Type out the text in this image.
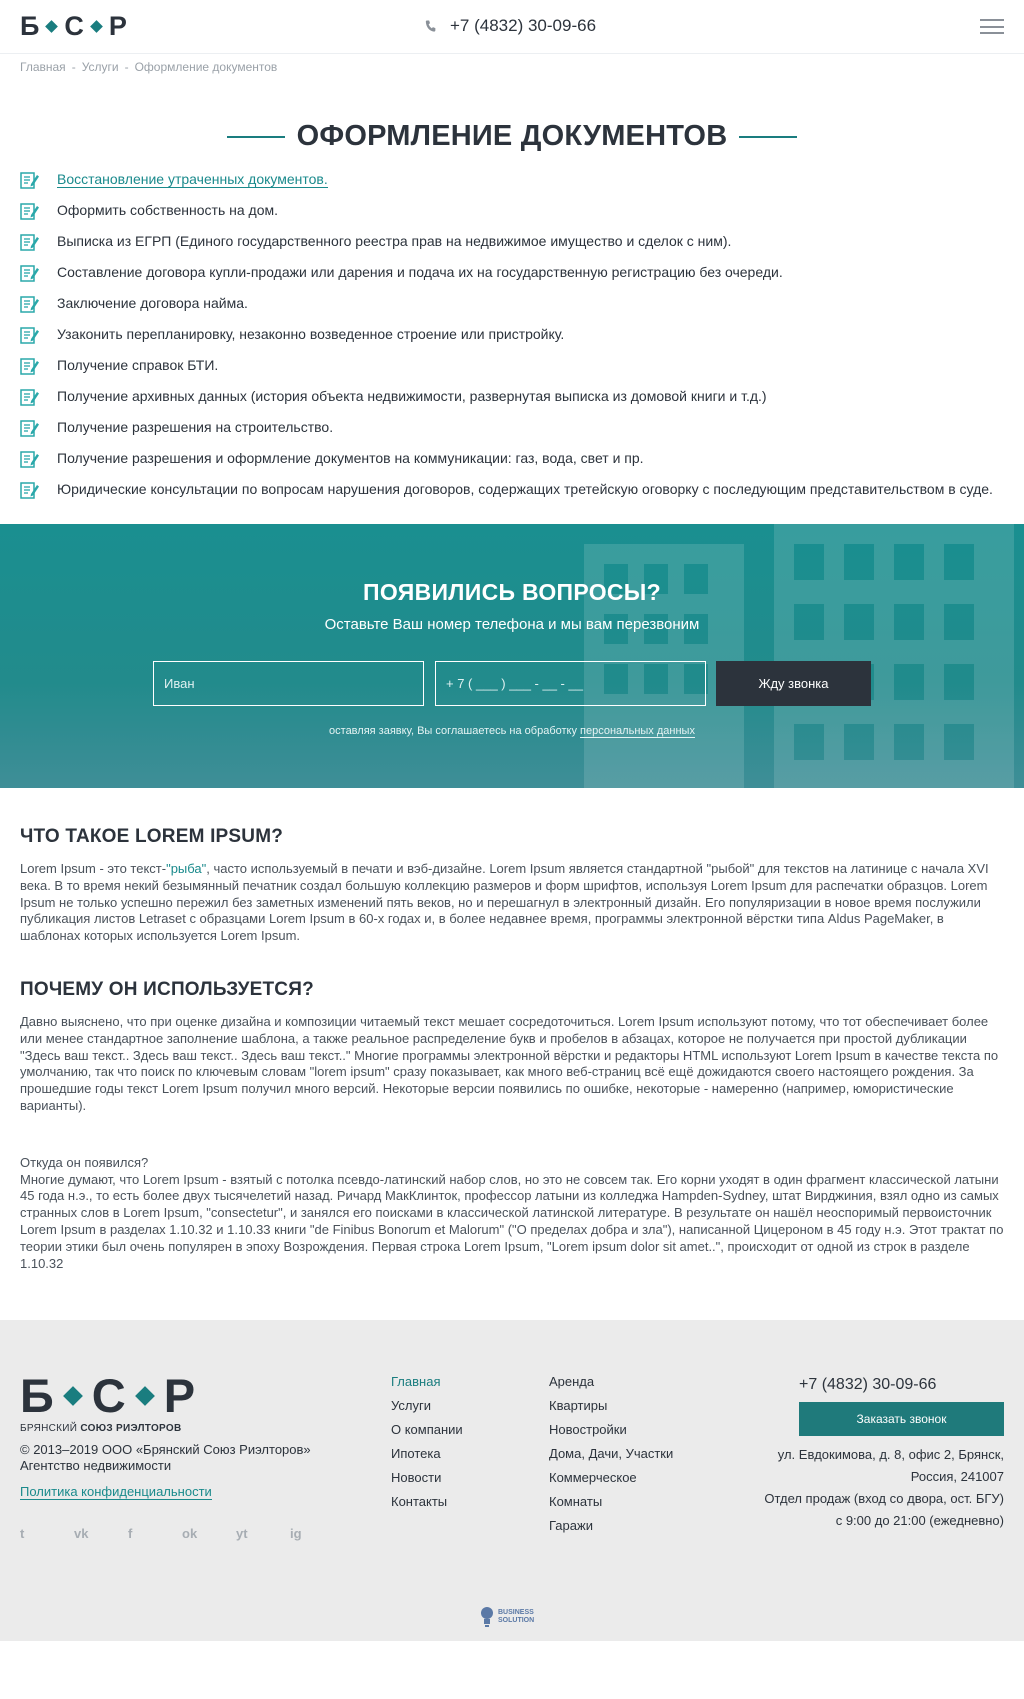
Б С Р	+7 (4832) 30-09-66
Главная - Услуги - Оформление документов
ОФОРМЛЕНИЕ ДОКУМЕНТОВ
Восстановление утраченных документов.
Оформить собственность на дом.
Выписка из ЕГРП (Единого государственного реестра прав на недвижимое имущество и сделок с ним).
Составление договора купли-продажи или дарения и подача их на государственную регистрацию без очереди.
Заключение договора найма.
Узаконить перепланировку, незаконно возведенное строение или пристройку.
Получение справок БТИ.
Получение архивных данных (история объекта недвижимости, развернутая выписка из домовой книги и т.д.)
Получение разрешения на строительство.
Получение разрешения и оформление документов на коммуникации: газ, вода, свет и пр.
Юридические консультации по вопросам нарушения договоров, содержащих третейскую оговорку с последующим представительством в суде.
ПОЯВИЛИСЬ ВОПРОСЫ?

Оставьте Ваш номер телефона и мы вам перезвоним

Иван
+ 7 ( ___ ) ___ - __ - __
Жду звонка

оставляя заявку, Вы соглашаетесь на обработку персональных данных

ЧТО ТАКОЕ LOREM IPSUM?

Lorem Ipsum - это текст-"рыба", часто используемый в печати и вэб-дизайне. Lorem Ipsum является стандартной "рыбой" для текстов на латинице с начала XVI века. В то время некий безымянный печатник создал большую коллекцию размеров и форм шрифтов, используя Lorem Ipsum для распечатки образцов. Lorem Ipsum не только успешно пережил без заметных изменений пять веков, но и перешагнул в электронный дизайн. Его популяризации в новое время послужили публикация листов Letraset с образцами Lorem Ipsum в 60-х годах и, в более недавнее время, программы электронной вёрстки типа Aldus PageMaker, в шаблонах которых используется Lorem Ipsum.

ПОЧЕМУ ОН ИСПОЛЬЗУЕТСЯ?

Давно выяснено, что при оценке дизайна и композиции читаемый текст мешает сосредоточиться. Lorem Ipsum используют потому, что тот обеспечивает более или менее стандартное заполнение шаблона, а также реальное распределение букв и пробелов в абзацах, которое не получается при простой дубликации "Здесь ваш текст.. Здесь ваш текст.. Здесь ваш текст.." Многие программы электронной вёрстки и редакторы HTML используют Lorem Ipsum в качестве текста по умолчанию, так что поиск по ключевым словам "lorem ipsum" сразу показывает, как много веб-страниц всё ещё дожидаются своего настоящего рождения. За прошедшие годы текст Lorem Ipsum получил много версий. Некоторые версии появились по ошибке, некоторые - намеренно (например, юмористические варианты).

Откуда он появился?
Многие думают, что Lorem Ipsum - взятый с потолка псевдо-латинский набор слов, но это не совсем так. Его корни уходят в один фрагмент классической латыни 45 года н.э., то есть более двух тысячелетий назад. Ричард МакКлинток, профессор латыни из колледжа Hampden-Sydney, штат Вирджиния, взял одно из самых странных слов в Lorem Ipsum, "consectetur", и занялся его поисками в классической латинской литературе. В результате он нашёл неоспоримый первоисточник Lorem Ipsum в разделах 1.10.32 и 1.10.33 книги "de Finibus Bonorum et Malorum" ("О пределах добра и зла"), написанной Цицероном в 45 году н.э. Этот трактат по теории этики был очень популярен в эпоху Возрождения. Первая строка Lorem Ipsum, "Lorem ipsum dolor sit amet..", происходит от одной из строк в разделе 1.10.32

Б С Р
БРЯНСКИЙ СОЮЗ РИЭЛТОРОВ
© 2013–2019 ООО «Брянский Союз Риэлторов»
Агентство недвижимости
Политика конфиденциальности
t	vk	f	ok	yt	ig
Главная
Услуги
О компании
Ипотека
Новости
Контакты
Аренда
Квартиры
Новостройки
Дома, Дачи, Участки
Коммерческое
Комнаты
Гаражи
+7 (4832) 30-09-66
Заказать звонок
ул. Евдокимова, д. 8, офис 2, Брянск,
Россия, 241007
Отдел продаж (вход со двора, ост. БГУ)
с 9:00 до 21:00 (ежедневно)
BUSINESS
SOLUTION
